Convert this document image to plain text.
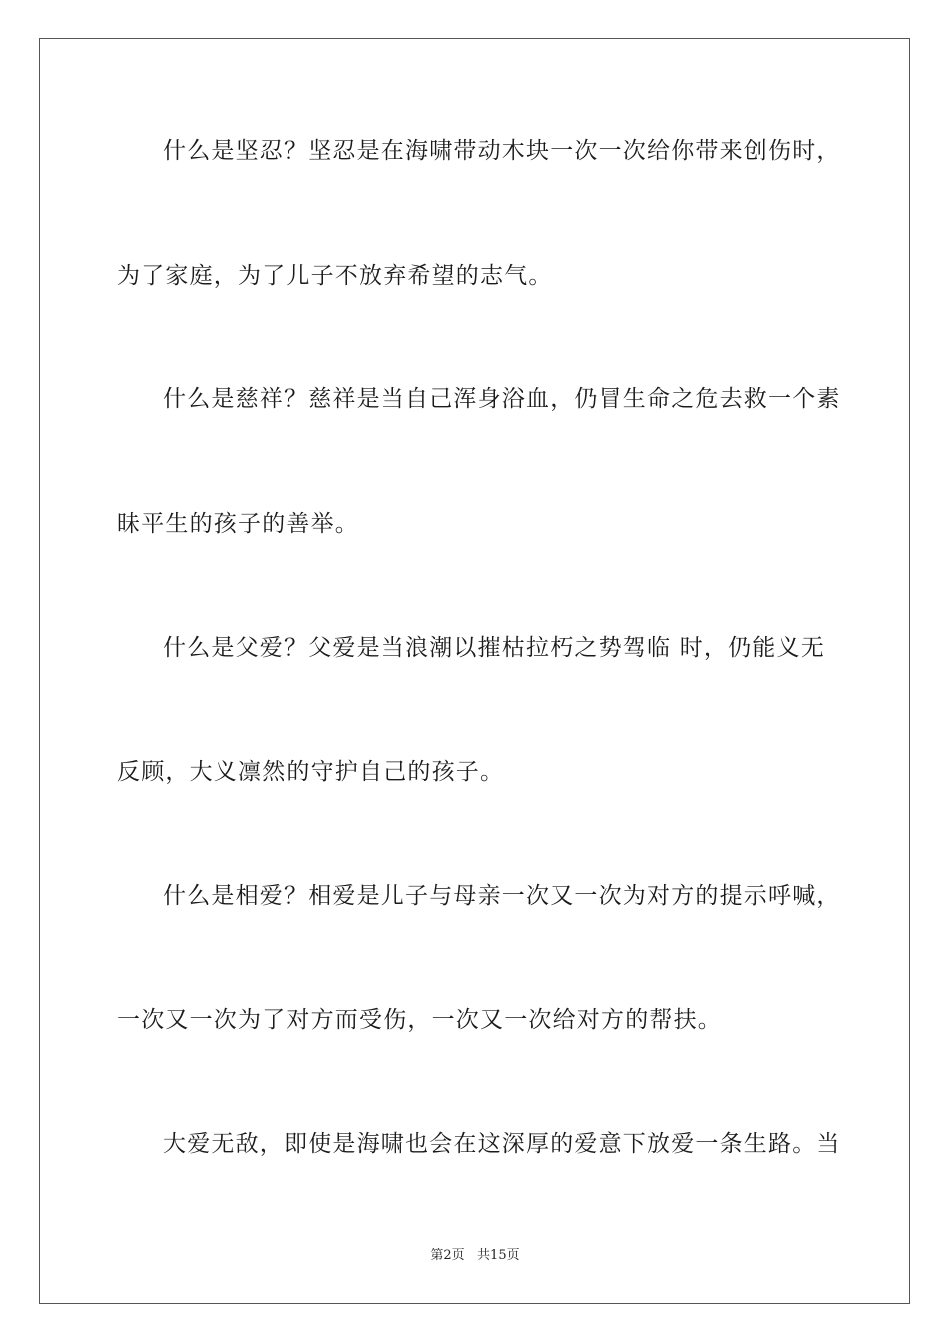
什么是坚忍？坚忍是在海啸带动木块一次一次给你带来创伤时，
为了家庭，为了儿子不放弃希望的志气。
什么是慈祥？慈祥是当自己浑身浴血，仍冒生命之危去救一个素
昧平生的孩子的善举。
什么是父爱？父爱是当浪潮以摧枯拉朽之势驾临 时，仍能义无
反顾，大义凛然的守护自己的孩子。
什么是相爱？相爱是儿子与母亲一次又一次为对方的提示呼喊，
一次又一次为了对方而受伤，一次又一次给对方的帮扶。
大爱无敌，即使是海啸也会在这深厚的爱意下放爱一条生路。当
第2页   共15页
